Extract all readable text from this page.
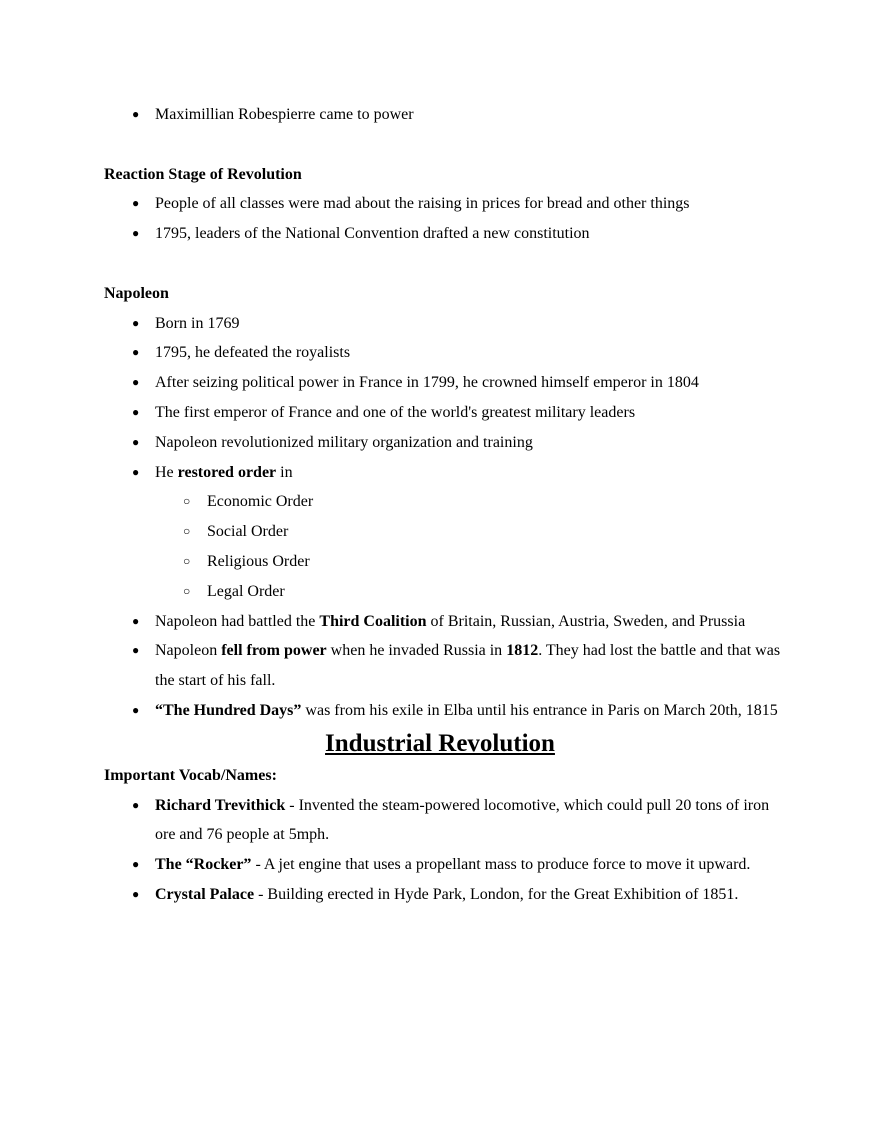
● Maximillian Robespierre came to power
Reaction Stage of Revolution
● People of all classes were mad about the raising in prices for bread and other things
● 1795, leaders of the National Convention drafted a new constitution
Napoleon
● Born in 1769
● 1795, he defeated the royalists
● After seizing political power in France in 1799, he crowned himself emperor in 1804
● The first emperor of France and one of the world's greatest military leaders
● Napoleon revolutionized military organization and training
● He restored order in
○ Economic Order
○ Social Order
○ Religious Order
○ Legal Order
● Napoleon had battled the Third Coalition of Britain, Russian, Austria, Sweden, and Prussia
● Napoleon fell from power when he invaded Russia in 1812. They had lost the battle and that was the start of his fall.
● “The Hundred Days” was from his exile in Elba until his entrance in Paris on March 20th, 1815
Industrial Revolution
Important Vocab/Names:
● Richard Trevithick - Invented the steam-powered locomotive, which could pull 20 tons of iron ore and 76 people at 5mph.
● The “Rocker” - A jet engine that uses a propellant mass to produce force to move it upward.
● Crystal Palace - Building erected in Hyde Park, London, for the Great Exhibition of 1851.
